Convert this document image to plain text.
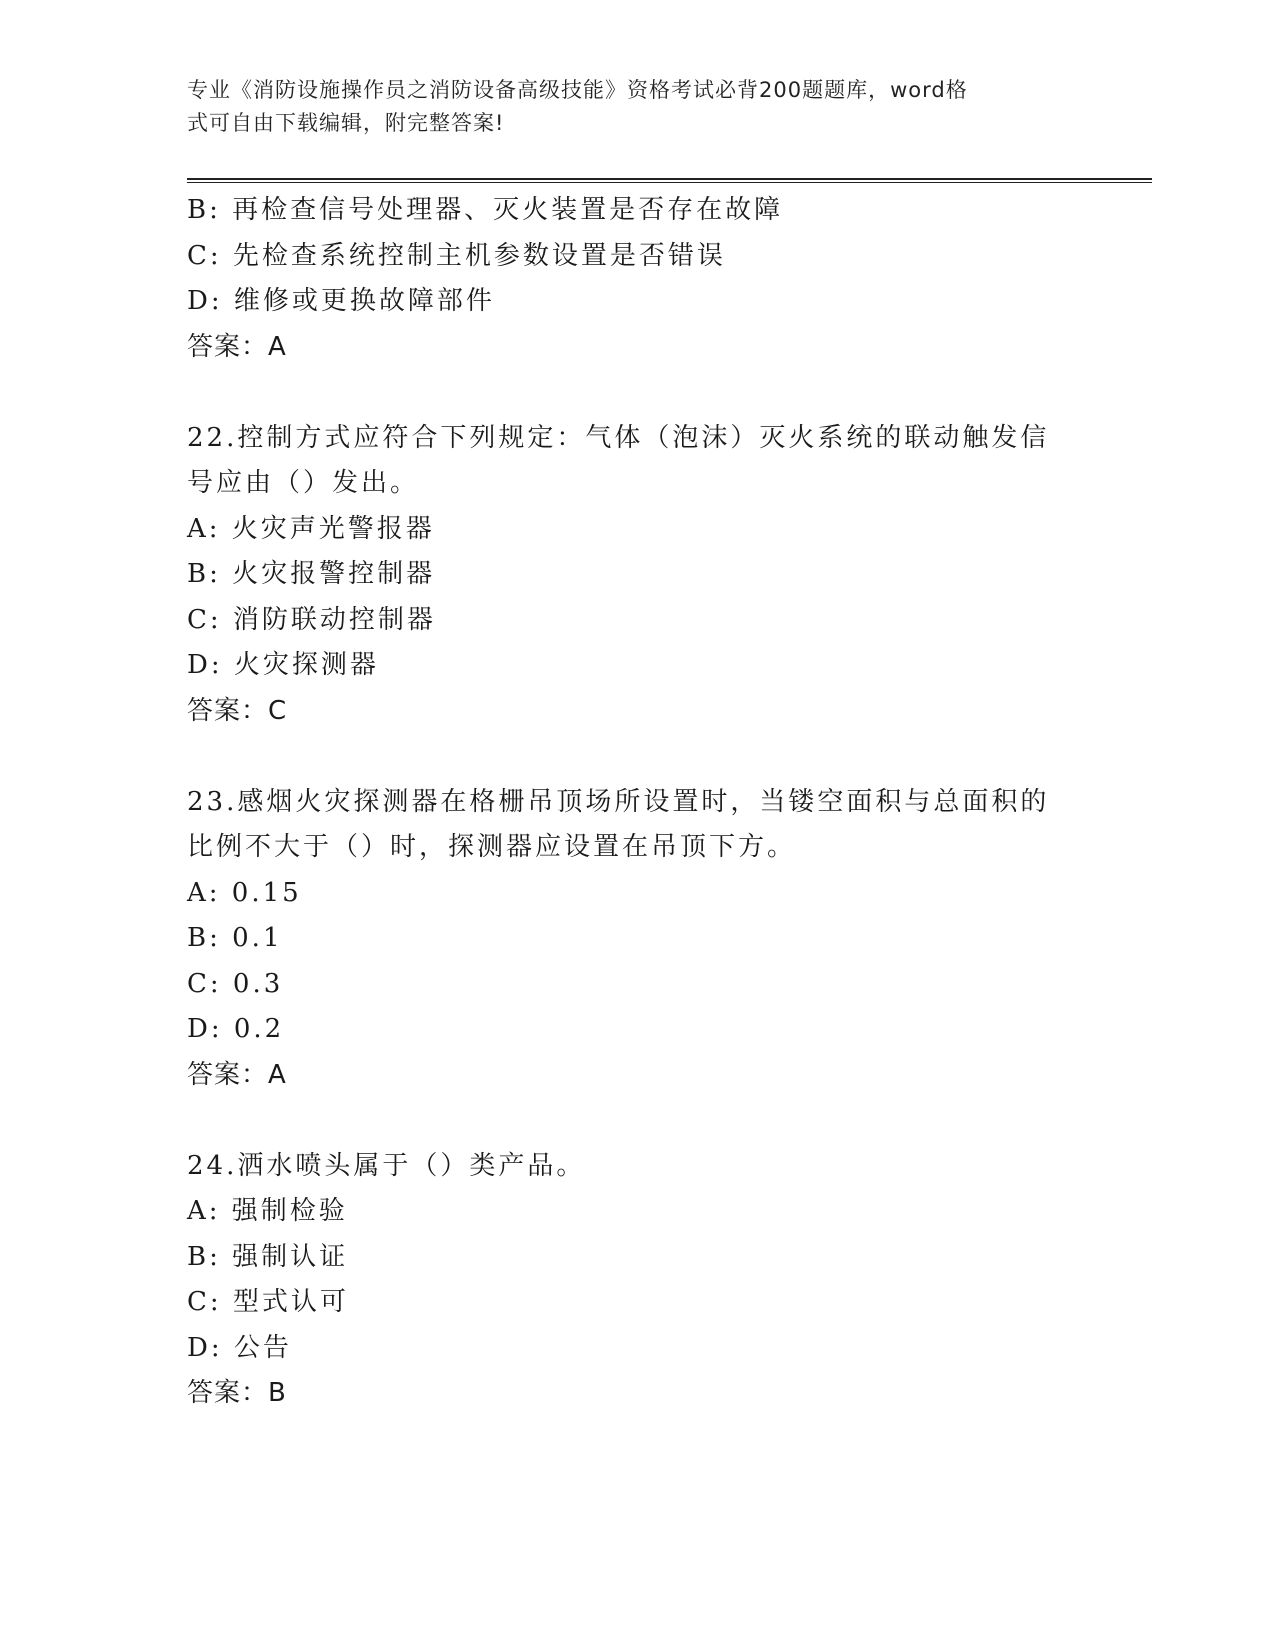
专业《消防设施操作员之消防设备高级技能》资格考试必背200题题库，word格
式可自由下载编辑，附完整答案!
B: 再检查信号处理器、灭火装置是否存在故障
C: 先检查系统控制主机参数设置是否错误
D: 维修或更换故障部件
答案：A
22.控制方式应符合下列规定：气体（泡沫）灭火系统的联动触发信号应由（）发出。
A: 火灾声光警报器
B: 火灾报警控制器
C: 消防联动控制器
D: 火灾探测器
答案：C
23.感烟火灾探测器在格栅吊顶场所设置时，当镂空面积与总面积的比例不大于（）时，探测器应设置在吊顶下方。
A: 0.15
B: 0.1
C: 0.3
D: 0.2
答案：A
24.洒水喷头属于（）类产品。
A: 强制检验
B: 强制认证
C: 型式认可
D: 公告
答案：B
